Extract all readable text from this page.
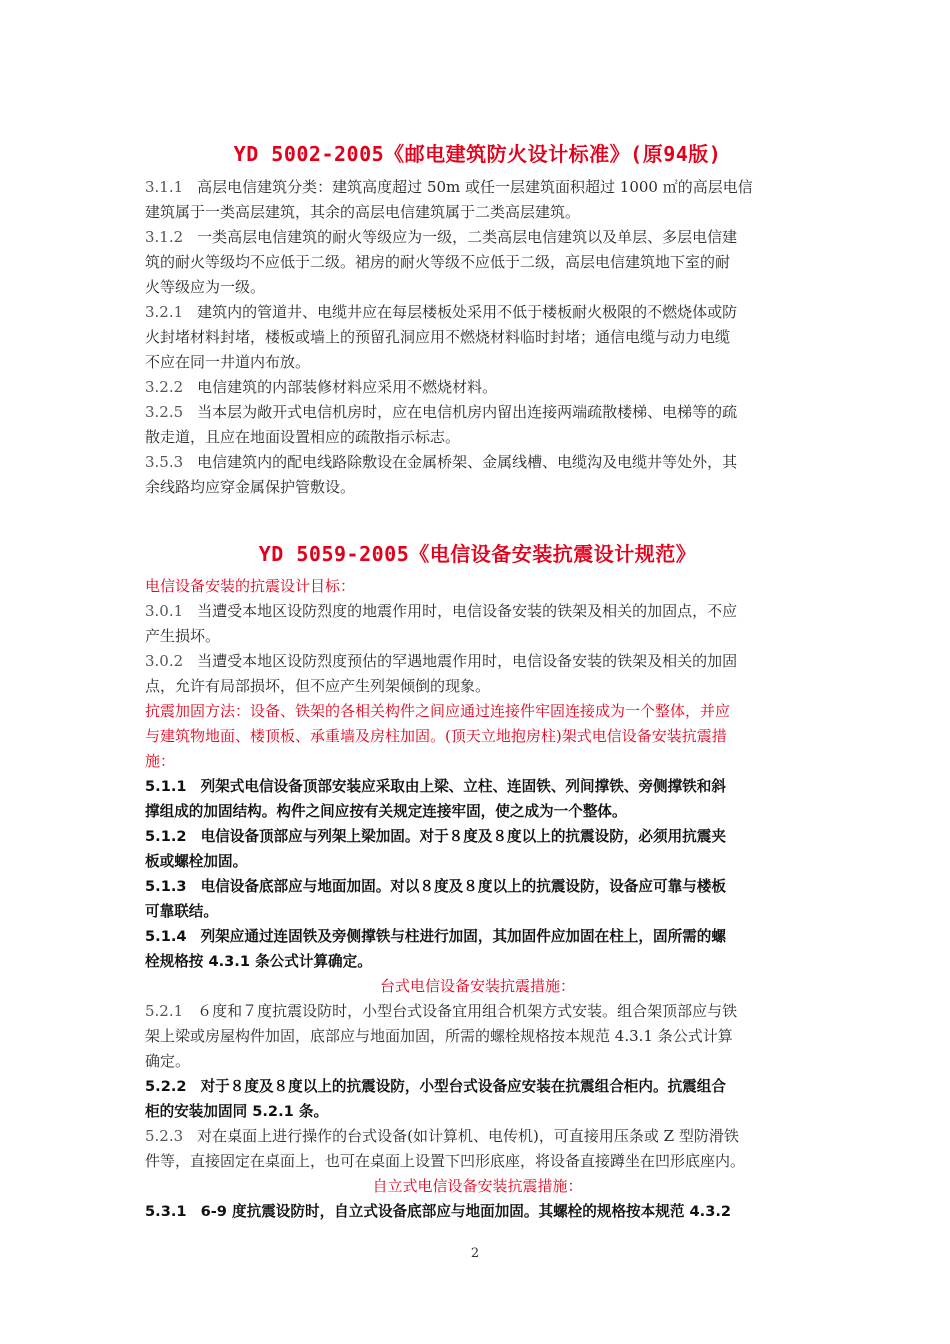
YD 5002-2005《邮电建筑防火设计标准》(原94版)
3.1.1 高层电信建筑分类：建筑高度超过 50m 或任一层建筑面积超过 1000 ㎡的高层电信
建筑属于一类高层建筑，其余的高层电信建筑属于二类高层建筑。
3.1.2 一类高层电信建筑的耐火等级应为一级，二类高层电信建筑以及单层、多层电信建
筑的耐火等级均不应低于二级。裙房的耐火等级不应低于二级，高层电信建筑地下室的耐
火等级应为一级。
3.2.1 建筑内的管道井、电缆井应在每层楼板处采用不低于楼板耐火极限的不燃烧体或防
火封堵材料封堵，楼板或墙上的预留孔洞应用不燃烧材料临时封堵；通信电缆与动力电缆
不应在同一井道内布放。
3.2.2 电信建筑的内部装修材料应采用不燃烧材料。
3.2.5 当本层为敞开式电信机房时，应在电信机房内留出连接两端疏散楼梯、电梯等的疏
散走道，且应在地面设置相应的疏散指示标志。
3.5.3 电信建筑内的配电线路除敷设在金属桥架、金属线槽、电缆沟及电缆井等处外，其
余线路均应穿金属保护管敷设。
YD 5059-2005《电信设备安装抗震设计规范》
电信设备安装的抗震设计目标：
3.0.1 当遭受本地区设防烈度的地震作用时，电信设备安装的铁架及相关的加固点，不应
产生损坏。
3.0.2 当遭受本地区设防烈度预估的罕遇地震作用时，电信设备安装的铁架及相关的加固
点，允许有局部损坏，但不应产生列架倾倒的现象。
抗震加固方法：设备、铁架的各相关构件之间应通过连接件牢固连接成为一个整体，并应
与建筑物地面、楼顶板、承重墙及房柱加固。(顶天立地抱房柱)架式电信设备安装抗震措
施：
5.1.1 列架式电信设备顶部安装应采取由上梁、立柱、连固铁、列间撑铁、旁侧撑铁和斜
撑组成的加固结构。构件之间应按有关规定连接牢固，使之成为一个整体。
5.1.2 电信设备顶部应与列架上梁加固。对于８度及８度以上的抗震设防，必须用抗震夹
板或螺栓加固。
5.1.3 电信设备底部应与地面加固。对以８度及８度以上的抗震设防，设备应可靠与楼板
可靠联结。
5.1.4 列架应通过连固铁及旁侧撑铁与柱进行加固，其加固件应加固在柱上，固所需的螺
栓规格按 4.3.1 条公式计算确定。
台式电信设备安装抗震措施：
5.2.1 ６度和７度抗震设防时，小型台式设备宜用组合机架方式安装。组合架顶部应与铁
架上梁或房屋构件加固，底部应与地面加固，所需的螺栓规格按本规范 4.3.1 条公式计算
确定。
5.2.2 对于８度及８度以上的抗震设防，小型台式设备应安装在抗震组合柜内。抗震组合
柜的安装加固同 5.2.1 条。
5.2.3 对在桌面上进行操作的台式设备(如计算机、电传机)，可直接用压条或 Z 型防滑铁
件等，直接固定在桌面上，也可在桌面上设置下凹形底座，将设备直接蹲坐在凹形底座内。
自立式电信设备安装抗震措施：
5.3.1 6-9 度抗震设防时，自立式设备底部应与地面加固。其螺栓的规格按本规范 4.3.2
2
